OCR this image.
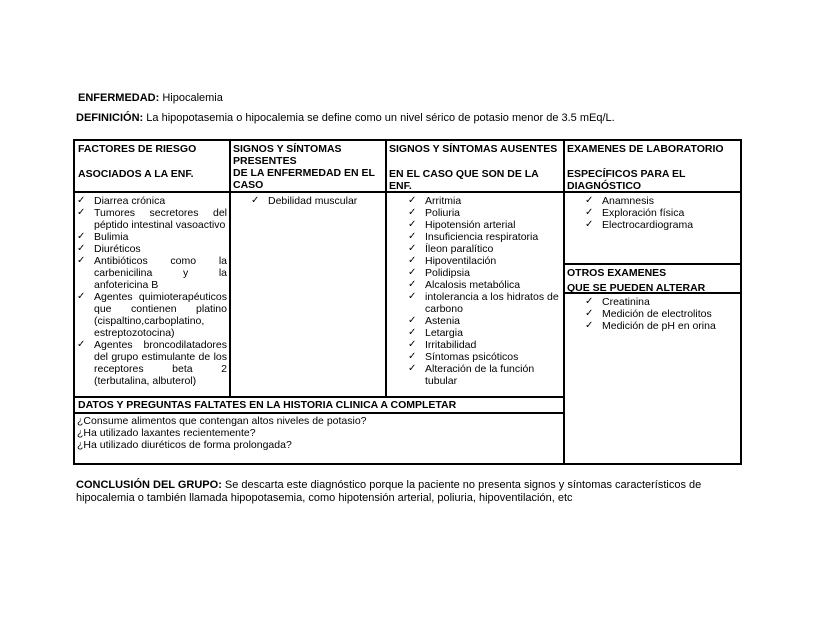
ENFERMEDAD: Hipocalemia
DEFINICIÓN: La hipopotasemia o hipocalemia se define como un nivel sérico de potasio menor de 3.5 mEq/L.
FACTORES DE RIESGO
ASOCIADOS A LA ENF.
SIGNOS Y SÍNTOMAS PRESENTES
DE LA ENFERMEDAD EN EL CASO
SIGNOS Y SÍNTOMAS AUSENTES
EN EL CASO QUE SON DE LA ENF.
EXAMENES DE LABORATORIO
ESPECÍFICOS PARA EL DIAGNÓSTICO
✓ Diarrea crónica
✓ Tumores secretores del péptido intestinal vasoactivo
✓ Bulimia
✓ Diuréticos
✓ Antibióticos como la carbenicilina y la anfotericina B
✓ Agentes quimioterapéuticos que contienen platino (cispaltino,carboplatino, estreptozotocina)
✓ Agentes broncodilatadores del grupo estimulante de los receptores beta 2 (terbutalina, albuterol)
✓ Debilidad muscular
✓	Arritmia
✓ Poliuria
✓ Hipotensión arterial
✓ Insuficiencia respiratoria
✓ Íleon paralítico
✓ Hipoventilación
✓ Polidipsia
✓ Alcalosis metabólica
✓ intolerancia a los hidratos de carbono
✓ Astenia
✓ Letargia
✓ Irritabilidad
✓ Síntomas psicóticos
✓ Alteración de la función tubular
✓ Anamnesis
✓ Exploración física
✓ Electrocardiograma
OTROS EXAMENES
QUE SE PUEDEN ALTERAR
✓ Creatinina
✓ Medición de electrolitos
✓ Medición de pH en orina
DATOS Y PREGUNTAS FALTATES EN LA HISTORIA CLINICA A COMPLETAR
¿Consume alimentos que contengan altos niveles de potasio?
¿Ha utilizado laxantes recientemente?
¿Ha utilizado diuréticos de forma prolongada?
CONCLUSIÓN DEL GRUPO: Se descarta este diagnóstico porque la paciente no presenta signos y síntomas característicos de hipocalemia o también llamada hipopotasemia, como hipotensión arterial, poliuria, hipoventilación, etc
